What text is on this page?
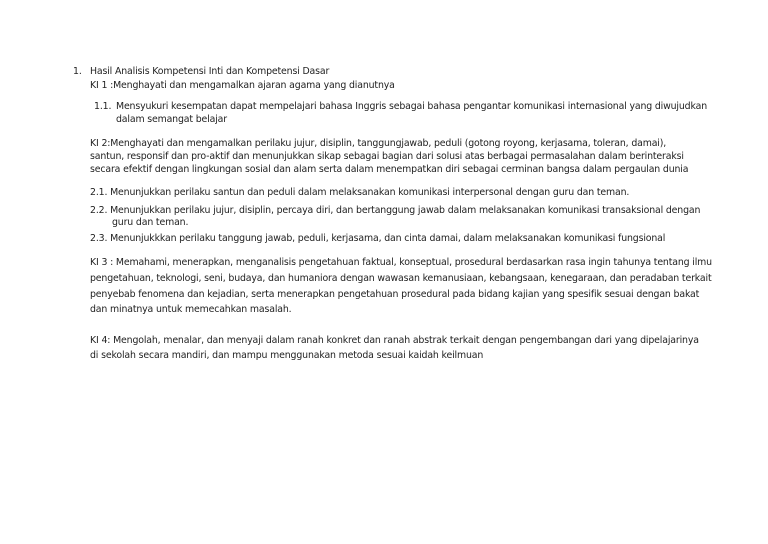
1. Hasil Analisis Kompetensi Inti dan Kompetensi Dasar
KI 1 :Menghayati dan mengamalkan ajaran agama yang dianutnya
1.1. Mensyukuri kesempatan dapat mempelajari bahasa Inggris sebagai bahasa pengantar komunikasi internasional yang diwujudkan
dalam semangat belajar
KI 2:Menghayati dan mengamalkan perilaku jujur, disiplin, tanggungjawab, peduli (gotong royong, kerjasama, toleran, damai),
santun, responsif dan pro-aktif dan menunjukkan sikap sebagai bagian dari solusi atas berbagai permasalahan dalam berinteraksi
secara efektif dengan lingkungan sosial dan alam serta dalam menempatkan diri sebagai cerminan bangsa dalam pergaulan dunia
2.1. Menunjukkan perilaku santun dan peduli dalam melaksanakan komunikasi interpersonal dengan guru dan teman.
2.2. Menunjukkan perilaku jujur, disiplin, percaya diri, dan bertanggung jawab dalam melaksanakan komunikasi transaksional dengan
guru dan teman.
2.3. Menunjukkkan perilaku tanggung jawab, peduli, kerjasama, dan cinta damai, dalam melaksanakan komunikasi fungsional
KI 3 : Memahami, menerapkan, menganalisis pengetahuan faktual, konseptual, prosedural berdasarkan rasa ingin tahunya tentang ilmu
pengetahuan, teknologi, seni, budaya, dan humaniora dengan wawasan kemanusiaan, kebangsaan, kenegaraan, dan peradaban terkait
penyebab fenomena dan kejadian, serta menerapkan pengetahuan prosedural pada bidang kajian yang spesifik sesuai dengan bakat
dan minatnya untuk memecahkan masalah.
KI 4: Mengolah, menalar, dan menyaji dalam ranah konkret dan ranah abstrak terkait dengan pengembangan dari yang dipelajarinya
di sekolah secara mandiri, dan mampu menggunakan metoda sesuai kaidah keilmuan
